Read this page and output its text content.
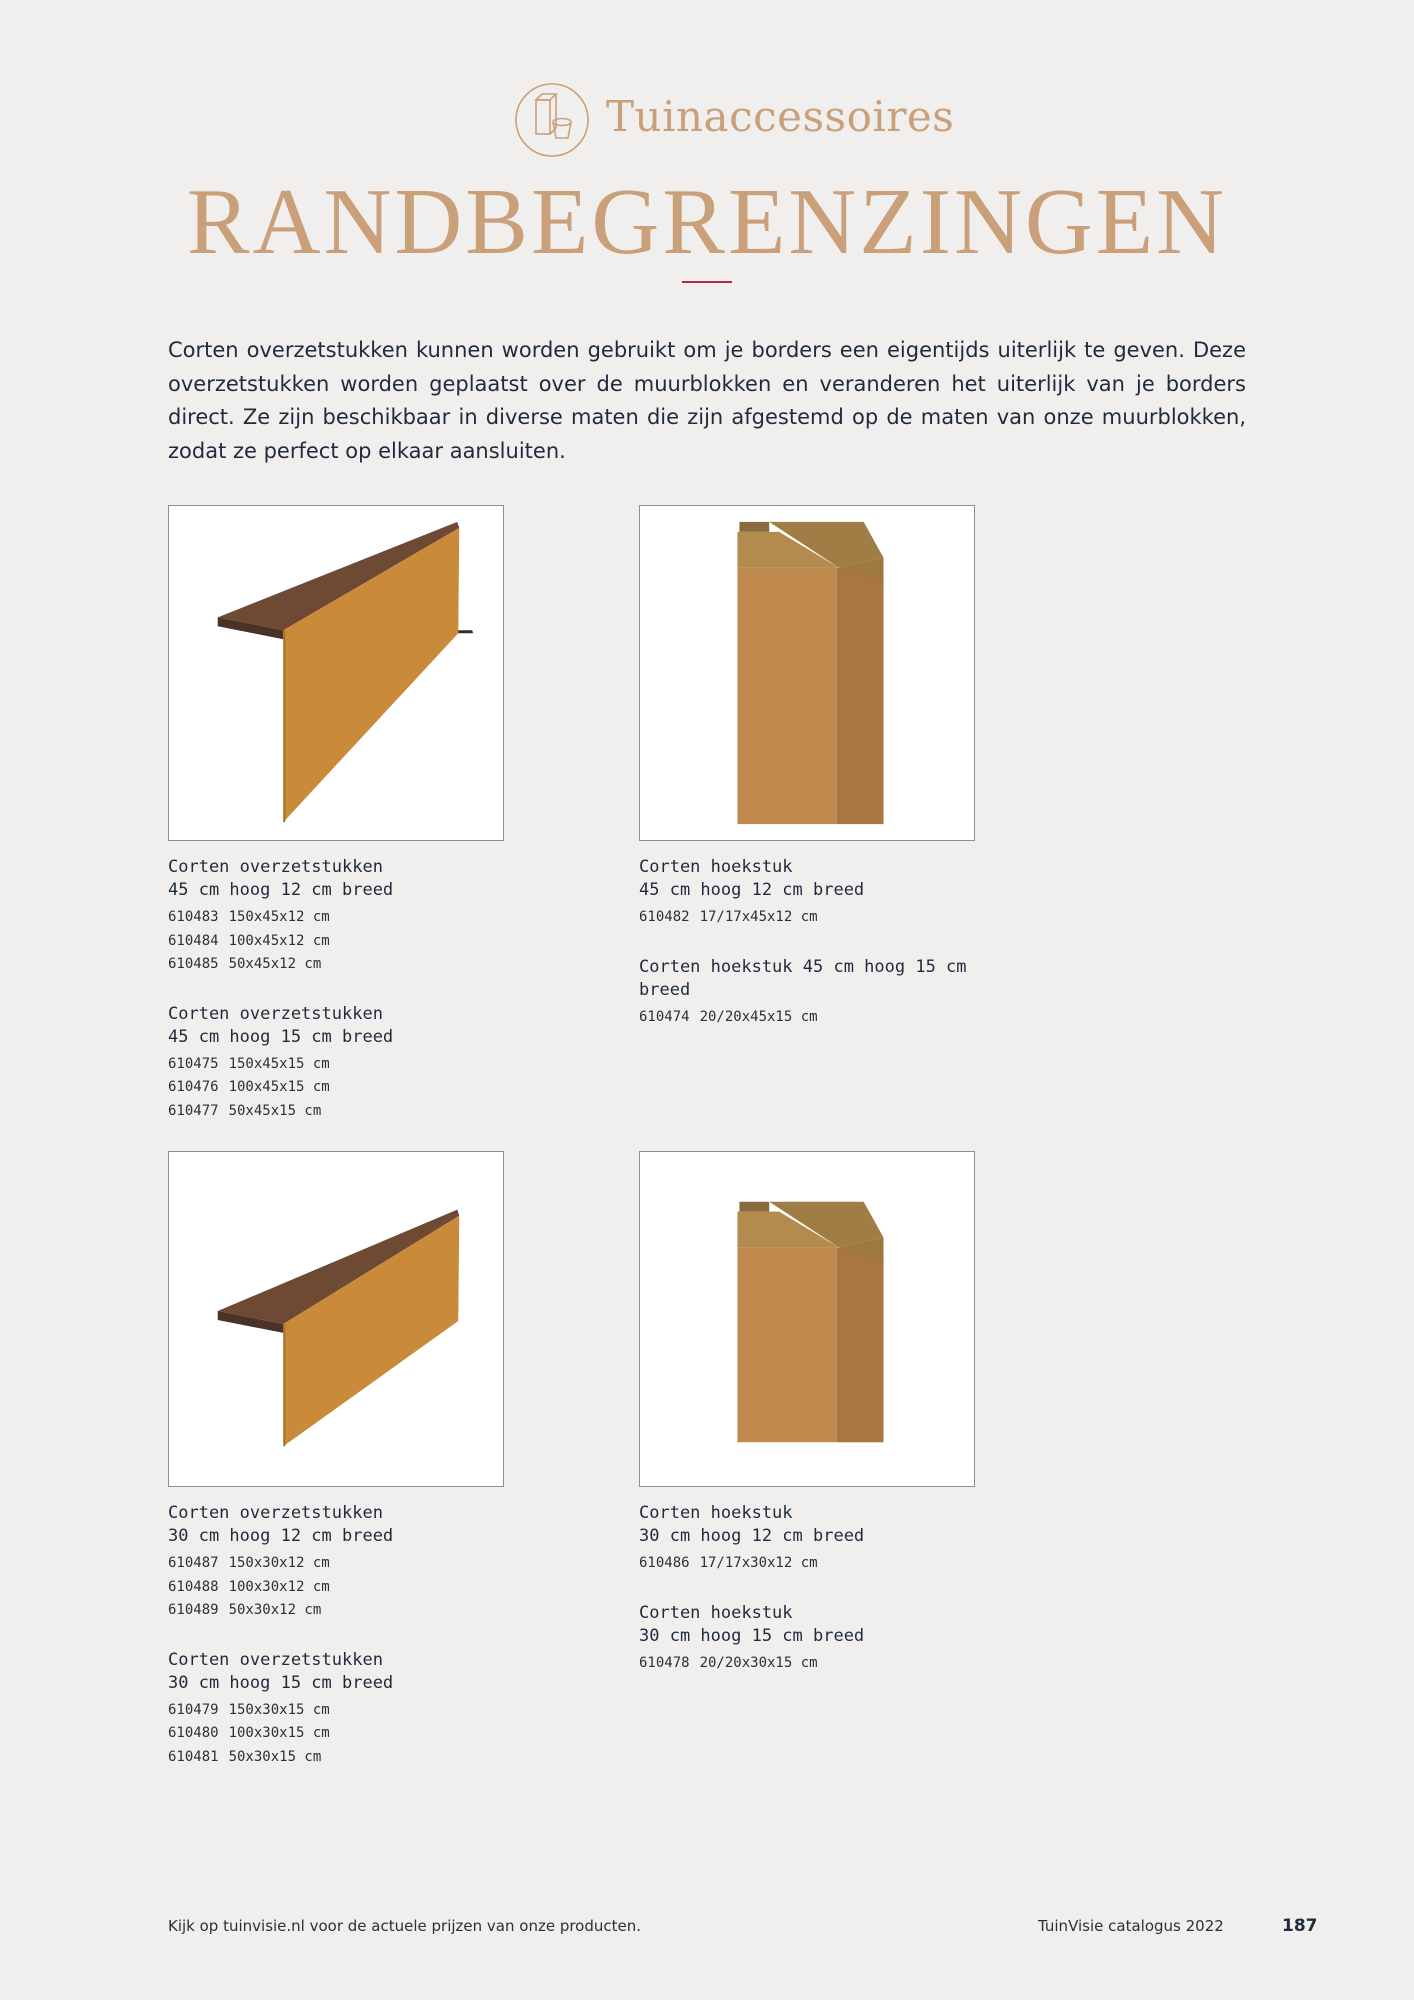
Tuinaccessoires
RANDBEGRENZINGEN

Corten overzetstukken kunnen worden gebruikt om je borders een eigentijds uiterlijk te geven. Deze overzetstukken worden geplaatst over de muurblokken en veranderen het uiterlijk van je borders direct. Ze zijn beschikbaar in diverse maten die zijn afgestemd op de maten van onze muurblokken, zodat ze perfect op elkaar aansluiten.

Corten overzetstukken
45 cm hoog 12 cm breed
610483 150x45x12 cm
610484 100x45x12 cm
610485 50x45x12 cm
Corten overzetstukken
45 cm hoog 15 cm breed
610475 150x45x15 cm
610476 100x45x15 cm
610477 50x45x15 cm
Corten hoekstuk
45 cm hoog 12 cm breed
610482 17/17x45x12 cm
Corten hoekstuk 45 cm hoog 15 cm
breed
610474 20/20x45x15 cm
Corten overzetstukken
30 cm hoog 12 cm breed
610487 150x30x12 cm
610488 100x30x12 cm
610489 50x30x12 cm
Corten overzetstukken
30 cm hoog 15 cm breed
610479 150x30x15 cm
610480 100x30x15 cm
610481 50x30x15 cm
Corten hoekstuk
30 cm hoog 12 cm breed
610486 17/17x30x12 cm
Corten hoekstuk
30 cm hoog 15 cm breed
610478 20/20x30x15 cm
Kijk op tuinvisie.nl voor de actuele prijzen van onze producten.	TuinVisie catalogus 2022	187
